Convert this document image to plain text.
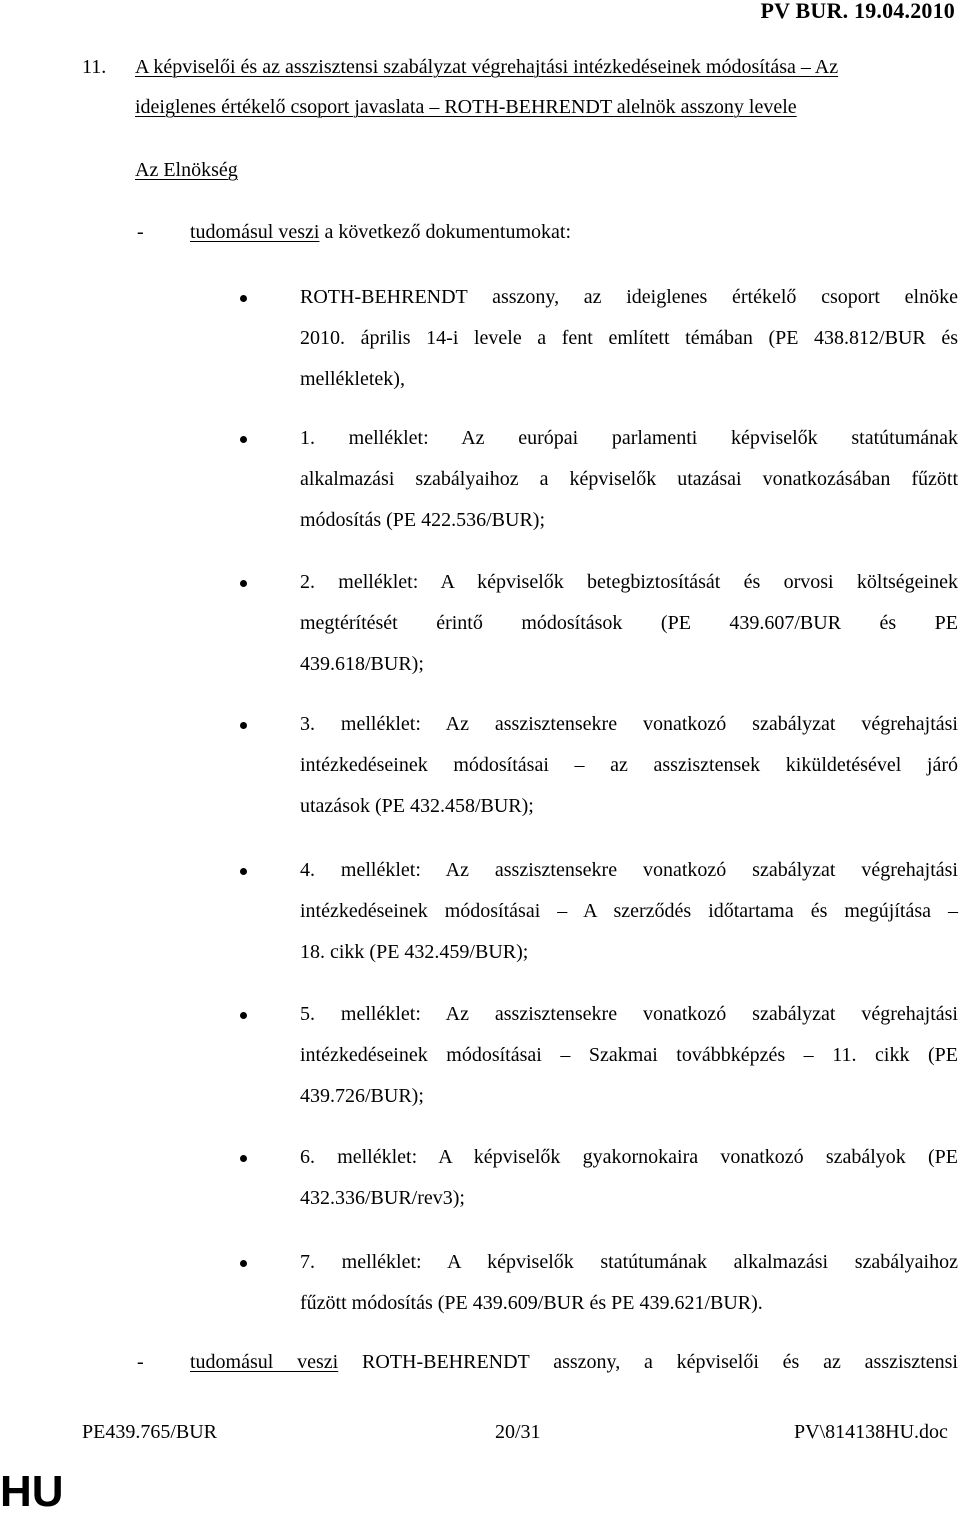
PV BUR. 19.04.2010
11. A képviselői és az asszisztensi szabályzat végrehajtási intézkedéseinek módosítása – Az
ideiglenes értékelő csoport javaslata – ROTH-BEHRENDT alelnök asszony levele
Az Elnökség
- tudomásul veszi a következő dokumentumokat:
ROTH-BEHRENDT asszony, az ideiglenes értékelő csoport elnöke
2010. április 14-i levele a fent említett témában (PE 438.812/BUR és
mellékletek),
1. melléklet: Az európai parlamenti képviselők statútumának
alkalmazási szabályaihoz a képviselők utazásai vonatkozásában fűzött
módosítás (PE 422.536/BUR);
2. melléklet: A képviselők betegbiztosítását és orvosi költségeinek
megtérítését érintő módosítások (PE 439.607/BUR és PE
439.618/BUR);
3. melléklet: Az asszisztensekre vonatkozó szabályzat végrehajtási
intézkedéseinek módosításai – az asszisztensek kiküldetésével járó
utazások (PE 432.458/BUR);
4. melléklet: Az asszisztensekre vonatkozó szabályzat végrehajtási
intézkedéseinek módosításai – A szerződés időtartama és megújítása –
18. cikk (PE 432.459/BUR);
5. melléklet: Az asszisztensekre vonatkozó szabályzat végrehajtási
intézkedéseinek módosításai – Szakmai továbbképzés – 11. cikk (PE
439.726/BUR);
6. melléklet: A képviselők gyakornokaira vonatkozó szabályok (PE
432.336/BUR/rev3);
7. melléklet: A képviselők statútumának alkalmazási szabályaihoz
fűzött módosítás (PE 439.609/BUR és PE 439.621/BUR).
- tudomásul veszi ROTH-BEHRENDT asszony, a képviselői és az asszisztensi
PE439.765/BUR	20/31	PV\814138HU.doc
HU
